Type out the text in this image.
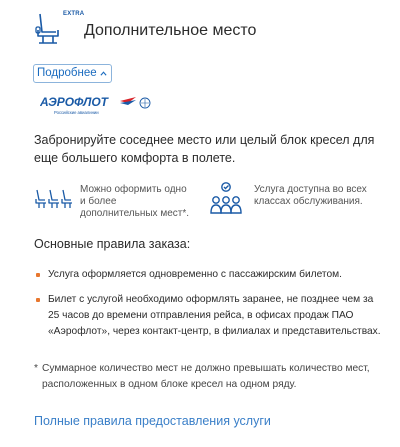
EXTRA
Дополнительное место
Подробнее
АЭРОФЛОТ
Российские авиалинии

Забронируйте соседнее место или целый блок кресел для еще большего комфорта в полете.

Можно оформить одно и более дополнительных мест*.

Услуга доступна во всех классах обслуживания.

Основные правила заказа:

Услуга оформляется одновременно с пассажирским билетом.
Билет с услугой необходимо оформлять заранее, не позднее чем за 25 часов до времени отправления рейса, в офисах продаж ПАО «Аэрофлот», через контакт-центр, в филиалах и представительствах.
* Суммарное количество мест не должно превышать количество мест, расположенных в одном блоке кресел на одном ряду.
Полные правила предоставления услуги
